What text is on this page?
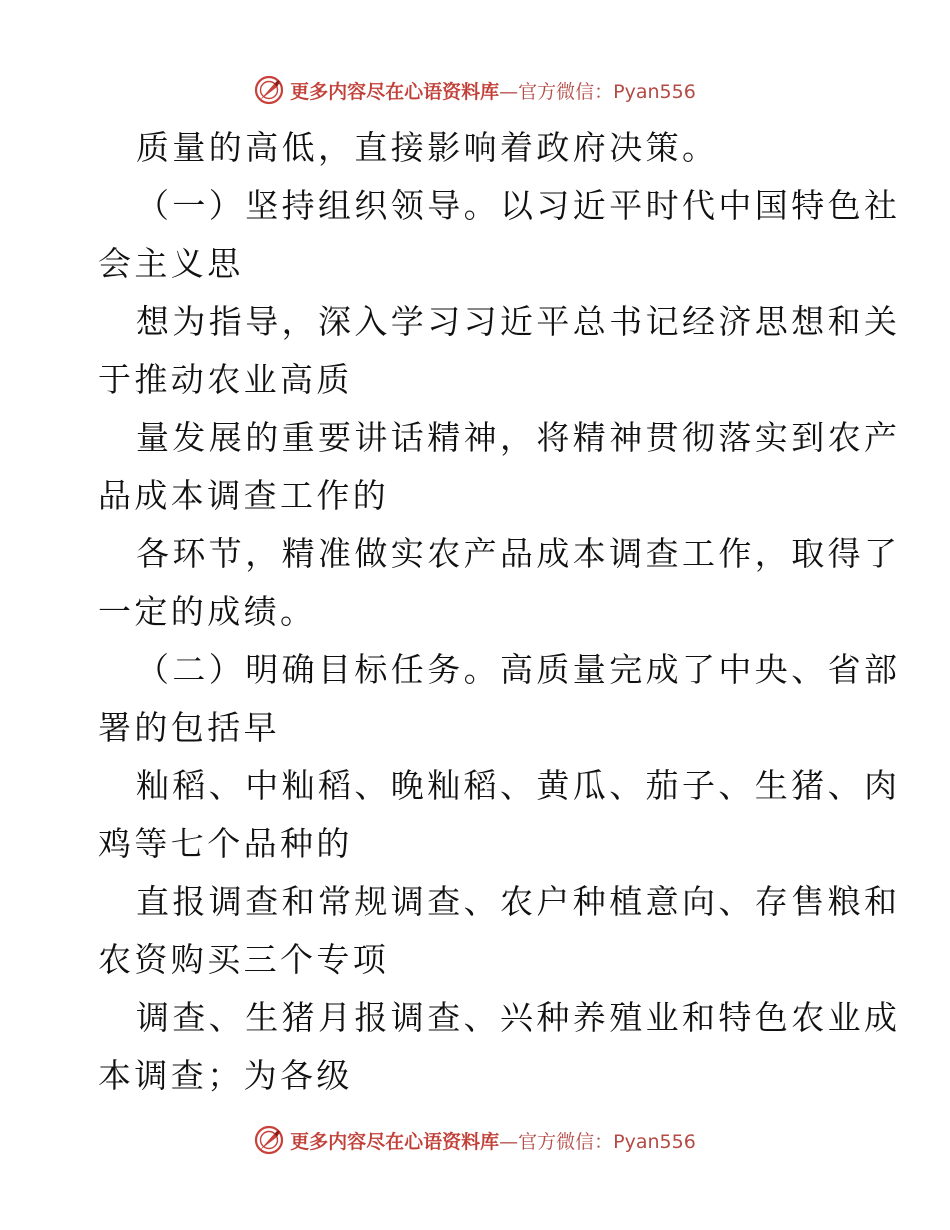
更多内容尽在心语资料库—官方微信：Pyan556
质量的高低，直接影响着政府决策。
（一）坚持组织领导。以习近平时代中国特色社
会主义思
想为指导，深入学习习近平总书记经济思想和关
于推动农业高质
量发展的重要讲话精神，将精神贯彻落实到农产
品成本调查工作的
各环节，精准做实农产品成本调查工作，取得了
一定的成绩。
（二）明确目标任务。高质量完成了中央、省部
署的包括早
籼稻、中籼稻、晚籼稻、黄瓜、茄子、生猪、肉
鸡等七个品种的
直报调查和常规调查、农户种植意向、存售粮和
农资购买三个专项
调查、生猪月报调查、兴种养殖业和特色农业成
本调查；为各级
更多内容尽在心语资料库—官方微信：Pyan556
